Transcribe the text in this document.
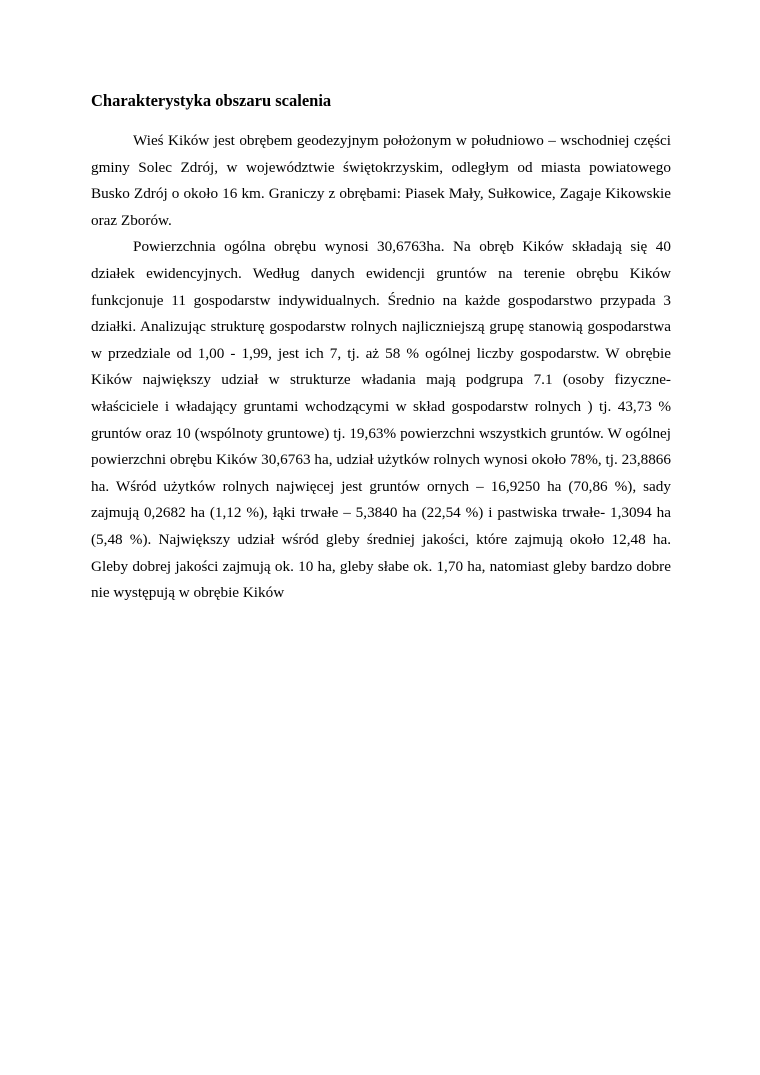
Charakterystyka obszaru scalenia

Wieś Kików jest obrębem geodezyjnym położonym w południowo – wschodniej części gminy Solec Zdrój, w województwie świętokrzyskim, odległym od miasta powiatowego Busko Zdrój o około 16 km. Graniczy z obrębami: Piasek Mały, Sułkowice, Zagaje Kikowskie oraz Zborów.

Powierzchnia ogólna obrębu wynosi 30,6763ha. Na obręb Kików składają się 40 działek ewidencyjnych. Według danych ewidencji gruntów na terenie obrębu Kików funkcjonuje 11 gospodarstw indywidualnych. Średnio na każde gospodarstwo przypada 3 działki. Analizując strukturę gospodarstw rolnych najliczniejszą grupę stanowią gospodarstwa w przedziale od 1,00 - 1,99, jest ich 7, tj. aż 58 % ogólnej liczby gospodarstw. W obrębie Kików największy udział w strukturze władania mają podgrupa 7.1 (osoby fizyczne-właściciele i władający gruntami wchodzącymi w skład gospodarstw rolnych ) tj. 43,73 % gruntów oraz 10 (wspólnoty gruntowe) tj. 19,63% powierzchni wszystkich gruntów. W ogólnej powierzchni obrębu Kików 30,6763 ha, udział użytków rolnych wynosi około 78%, tj. 23,8866 ha. Wśród użytków rolnych najwięcej jest gruntów ornych – 16,9250 ha (70,86 %), sady zajmują 0,2682 ha (1,12 %), łąki trwałe – 5,3840 ha (22,54 %) i pastwiska trwałe- 1,3094 ha (5,48 %). Największy udział wśród gleby średniej jakości, które zajmują około 12,48 ha. Gleby dobrej jakości zajmują ok. 10 ha, gleby słabe ok. 1,70 ha, natomiast gleby bardzo dobre nie występują w obrębie Kików
